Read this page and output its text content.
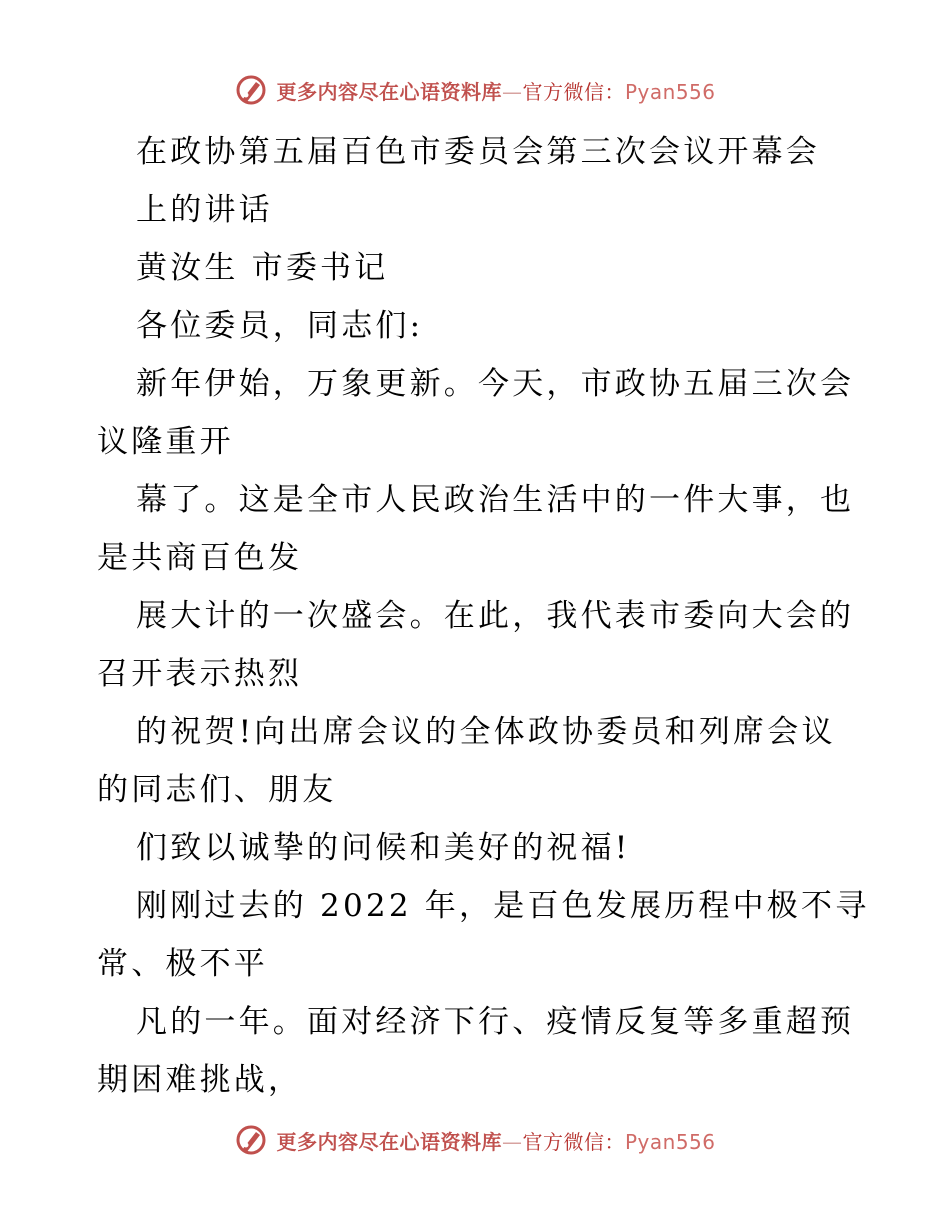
更多内容尽在心语资料库—官方微信：Pyan556
在政协第五届百色市委员会第三次会议开幕会
上的讲话
黄汝生 市委书记
各位委员，同志们:
新年伊始，万象更新。今天，市政协五届三次会
议隆重开
幕了。这是全市人民政治生活中的一件大事，也
是共商百色发
展大计的一次盛会。在此，我代表市委向大会的
召开表示热烈
的祝贺!向出席会议的全体政协委员和列席会议
的同志们、朋友
们致以诚挚的问候和美好的祝福!
刚刚过去的 2022 年，是百色发展历程中极不寻
常、极不平
凡的一年。面对经济下行、疫情反复等多重超预
期困难挑战，
更多内容尽在心语资料库—官方微信：Pyan556
